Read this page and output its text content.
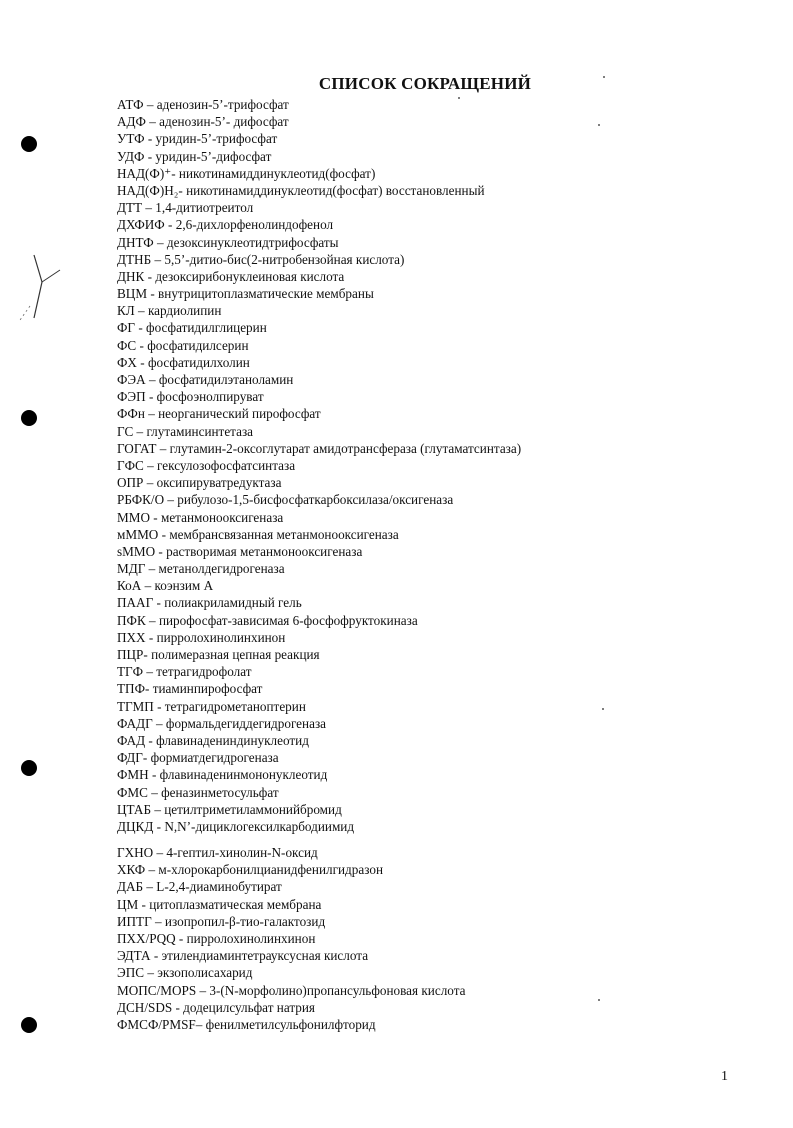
СПИСОК СОКРАЩЕНИЙ
АТФ – аденозин-5’-трифосфат
АДФ – аденозин-5’- дифосфат
УТФ - уридин-5’-трифосфат
УДФ - уридин-5’-дифосфат
НАД(Ф)⁺- никотинамиддинуклеотид(фосфат)
НАД(Ф)Н₂- никотинамиддинуклеотид(фосфат) восстановленный
ДТТ – 1,4-дитиотреитол
ДХФИФ - 2,6-дихлорфенолиндофенол
ДНТФ – дезоксинуклеотидтрифосфаты
ДТНБ – 5,5’-дитио-бис(2-нитробензойная кислота)
ДНК - дезоксирибонуклеиновая кислота
ВЦМ - внутрицитоплазматические мембраны
КЛ – кардиолипин
ФГ - фосфатидилглицерин
ФС - фосфатидилсерин
ФХ - фосфатидилхолин
ФЭА – фосфатидилэтаноламин
ФЭП - фосфоэнолпируват
ФФн – неорганический пирофосфат
ГС – глутаминсинтетаза
ГОГАТ – глутамин-2-оксоглутарат амидотрансфераза (глутаматсинтаза)
ГФС – гексулозофосфатсинтаза
ОПР – оксипируватредуктаза
РБФК/О – рибулозо-1,5-бисфосфаткарбоксилаза/оксигеназа
ММО - метанмонооксигеназа
мММО - мембрансвязанная метанмонооксигеназа
sММО - растворимая метанмонооксигеназа
МДГ – метанолдегидрогеназа
КоА – коэнзим А
ПААГ - полиакриламидный гель
ПФК – пирофосфат-зависимая 6-фосфофруктокиназа
ПХХ - пирролохинолинхинон
ПЦР- полимеразная цепная реакция
ТГФ – тетрагидрофолат
ТПФ- тиаминпирофосфат
ТГМП - тетрагидрометаноптерин
ФАДГ – формальдегиддегидрогеназа
ФАД - флавинадениндинуклеотид
ФДГ- формиатдегидрогеназа
ФМН - флавинаденинмононуклеотид
ФМС – феназинметосульфат
ЦТАБ – цетилтриметиламмонийбромид
ДЦКД - N,N’-дициклогексилкарбодиимид
ГХНО – 4-гептил-хинолин-N-оксид
ХКФ – м-хлорокарбонилцианидфенилгидразон
ДАБ – L-2,4-диаминобутират
ЦМ - цитоплазматическая мембрана
ИПТГ – изопропил-β-тио-галактозид
ПХХ/PQQ - пирролохинолинхинон
ЭДТА - этилендиаминтетрауксусная кислота
ЭПС – экзополисахарид
МОПС/MOPS – 3-(N-морфолино)пропансульфоновая кислота
ДСН/SDS - додецилсульфат натрия
ФМСФ/PMSF– фенилметилсульфонилфторид
1
